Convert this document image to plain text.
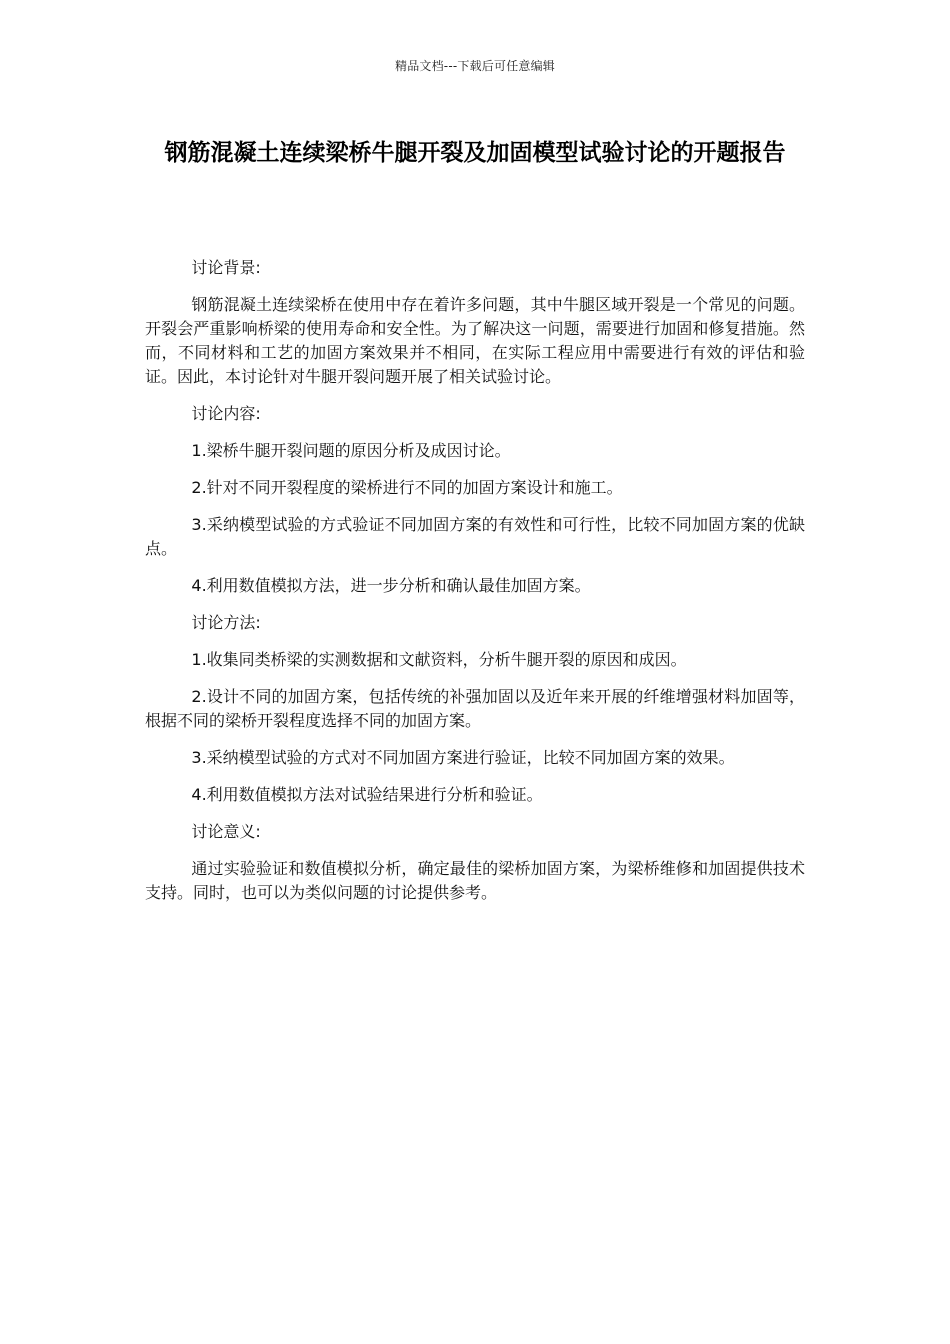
精品文档---下载后可任意编辑
钢筋混凝土连续梁桥牛腿开裂及加固模型试验讨论的开题报告

讨论背景:

钢筋混凝土连续梁桥在使用中存在着许多问题，其中牛腿区域开裂是一个常见的问题。开裂会严重影响桥梁的使用寿命和安全性。为了解决这一问题，需要进行加固和修复措施。然而，不同材料和工艺的加固方案效果并不相同，在实际工程应用中需要进行有效的评估和验证。因此，本讨论针对牛腿开裂问题开展了相关试验讨论。

讨论内容:

1.梁桥牛腿开裂问题的原因分析及成因讨论。

2.针对不同开裂程度的梁桥进行不同的加固方案设计和施工。

3.采纳模型试验的方式验证不同加固方案的有效性和可行性，比较不同加固方案的优缺点。

4.利用数值模拟方法，进一步分析和确认最佳加固方案。

讨论方法:

1.收集同类桥梁的实测数据和文献资料，分析牛腿开裂的原因和成因。

2.设计不同的加固方案，包括传统的补强加固以及近年来开展的纤维增强材料加固等，根据不同的梁桥开裂程度选择不同的加固方案。

3.采纳模型试验的方式对不同加固方案进行验证，比较不同加固方案的效果。

4.利用数值模拟方法对试验结果进行分析和验证。

讨论意义:

通过实验验证和数值模拟分析，确定最佳的梁桥加固方案，为梁桥维修和加固提供技术支持。同时，也可以为类似问题的讨论提供参考。
